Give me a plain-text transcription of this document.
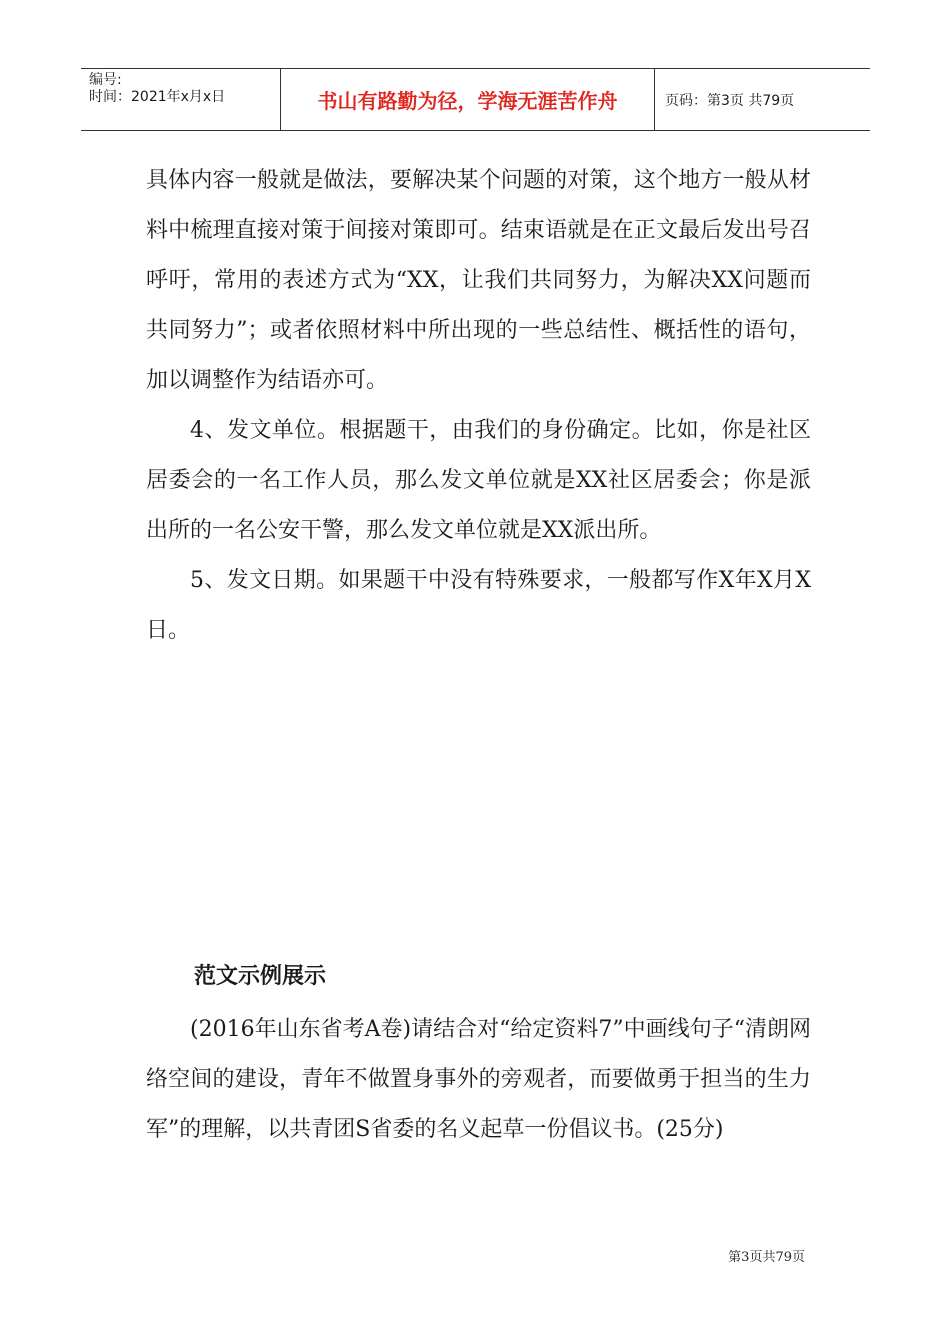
编号:
时间：2021年x月x日	书山有路勤为径，学海无涯苦作舟	页码：第3页 共79页

具体内容一般就是做法，要解决某个问题的对策，这个地方一般从材料中梳理直接对策于间接对策即可。结束语就是在正文最后发出号召呼吁，常用的表述方式为“XX，让我们共同努力，为解决XX问题而共同努力”；或者依照材料中所出现的一些总结性、概括性的语句，加以调整作为结语亦可。

4、发文单位。根据题干，由我们的身份确定。比如，你是社区居委会的一名工作人员，那么发文单位就是XX社区居委会；你是派出所的一名公安干警，那么发文单位就是XX派出所。

5、发文日期。如果题干中没有特殊要求，一般都写作X年X月X日。

范文示例展示

(2016年山东省考A卷)请结合对“给定资料7”中画线句子“清朗网络空间的建设，青年不做置身事外的旁观者，而要做勇于担当的生力军”的理解，以共青团S省委的名义起草一份倡议书。(25分)

第3页共79页
